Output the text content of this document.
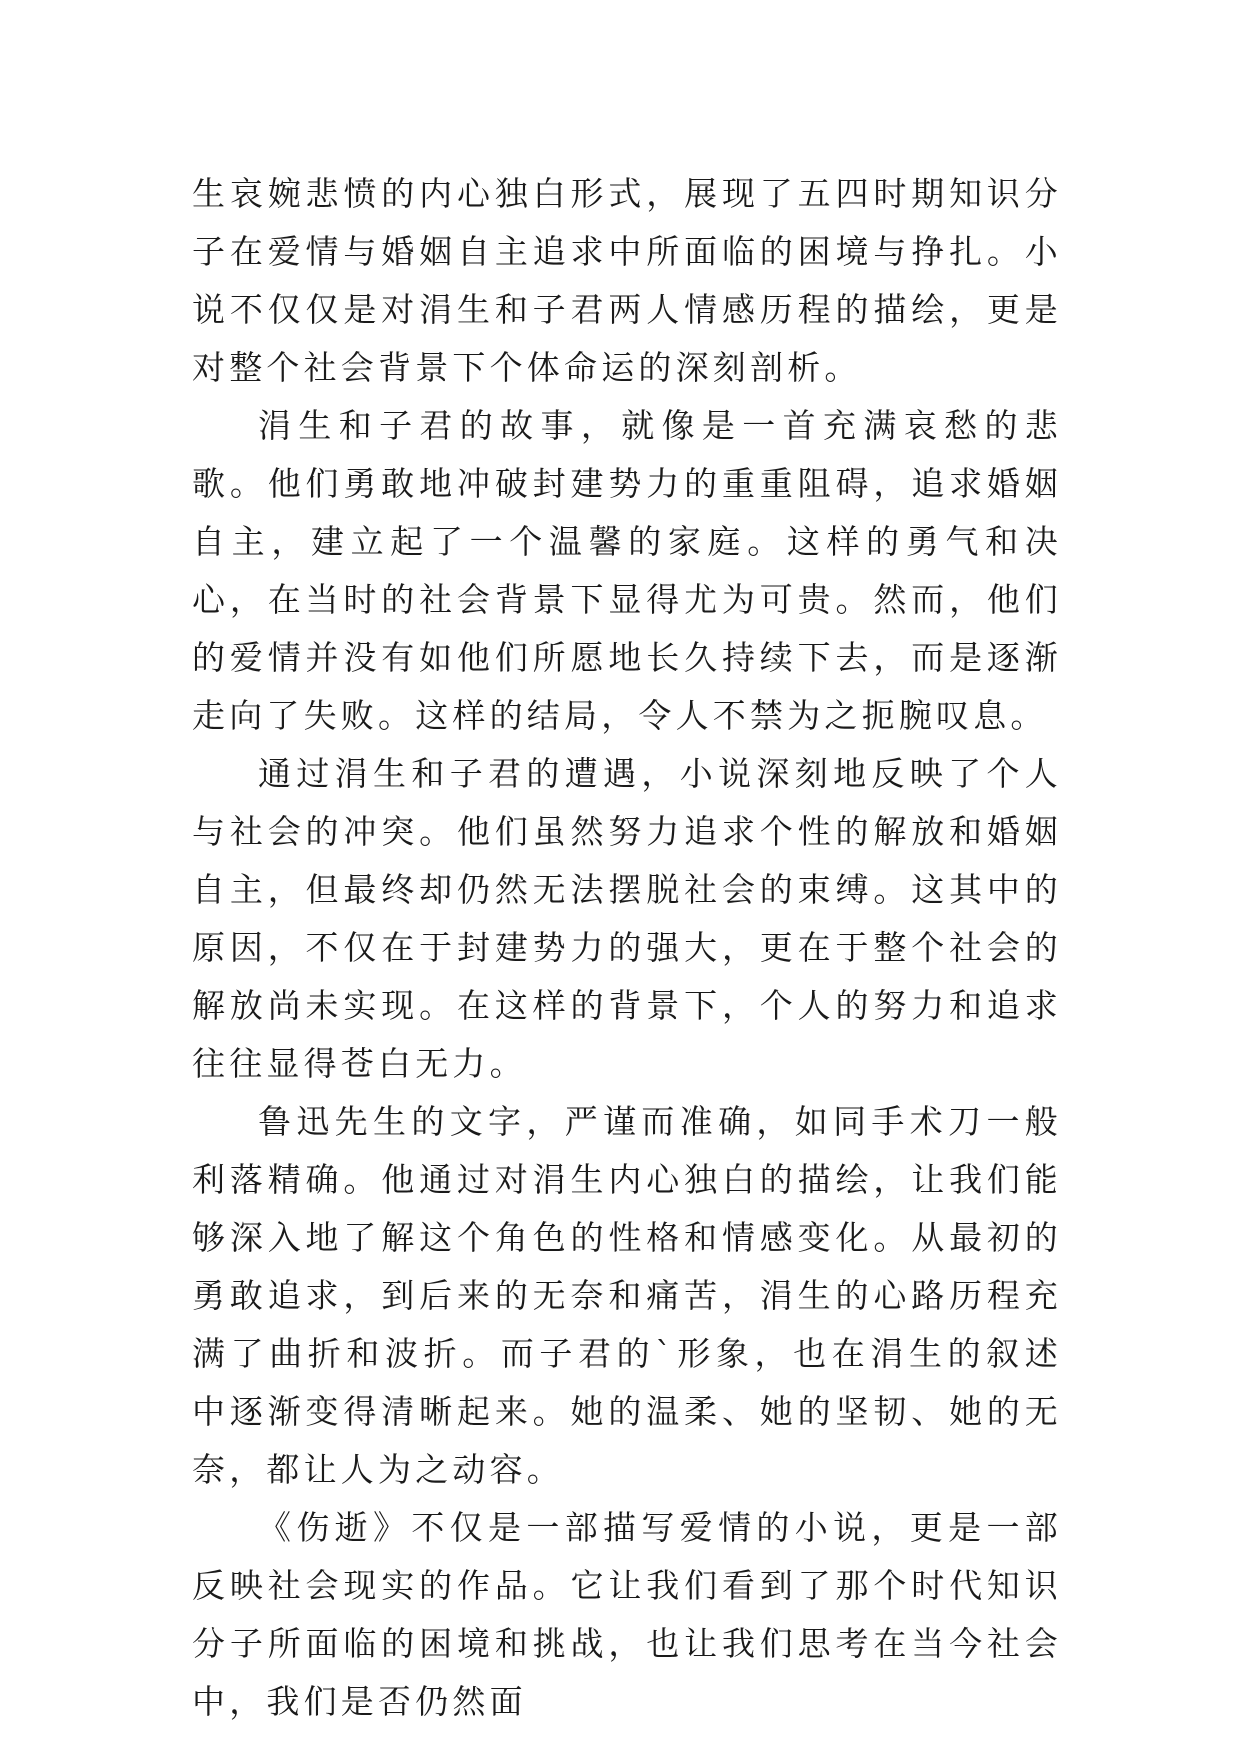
生哀婉悲愤的内心独白形式，展现了五四时期知识分子在爱情与婚姻自主追求中所面临的困境与挣扎。小说不仅仅是对涓生和子君两人情感历程的描绘，更是对整个社会背景下个体命运的深刻剖析。

涓生和子君的故事，就像是一首充满哀愁的悲歌。他们勇敢地冲破封建势力的重重阻碍，追求婚姻自主，建立起了一个温馨的家庭。这样的勇气和决心，在当时的社会背景下显得尤为可贵。然而，他们的爱情并没有如他们所愿地长久持续下去，而是逐渐走向了失败。这样的结局，令人不禁为之扼腕叹息。

通过涓生和子君的遭遇，小说深刻地反映了个人与社会的冲突。他们虽然努力追求个性的解放和婚姻自主，但最终却仍然无法摆脱社会的束缚。这其中的原因，不仅在于封建势力的强大，更在于整个社会的解放尚未实现。在这样的背景下，个人的努力和追求往往显得苍白无力。

鲁迅先生的文字，严谨而准确，如同手术刀一般利落精确。他通过对涓生内心独白的描绘，让我们能够深入地了解这个角色的性格和情感变化。从最初的勇敢追求，到后来的无奈和痛苦，涓生的心路历程充满了曲折和波折。而子君的`形象，也在涓生的叙述中逐渐变得清晰起来。她的温柔、她的坚韧、她的无奈，都让人为之动容。

《伤逝》不仅是一部描写爱情的小说，更是一部反映社会现实的作品。它让我们看到了那个时代知识分子所面临的困境和挑战，也让我们思考在当今社会中，我们是否仍然面
